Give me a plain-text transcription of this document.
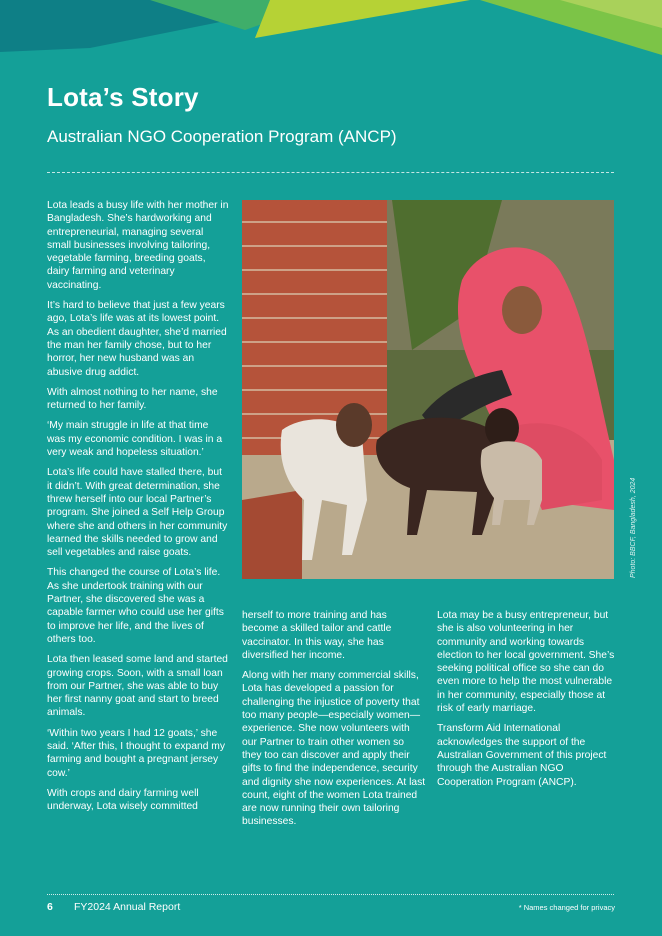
Lota’s Story
Australian NGO Cooperation Program (ANCP)

Lota leads a busy life with her mother in Bangladesh. She’s hardworking and entrepreneurial, managing several small businesses involving tailoring, vegetable farming, breeding goats, dairy farming and veterinary vaccinating.

It’s hard to believe that just a few years ago, Lota’s life was at its lowest point. As an obedient daughter, she’d married the man her family chose, but to her horror, her new husband was an abusive drug addict.

With almost nothing to her name, she returned to her family.

‘My main struggle in life at that time was my economic condition. I was in a very weak and hopeless situation.’

Lota’s life could have stalled there, but it didn’t. With great determination, she threw herself into our local Partner’s program. She joined a Self Help Group where she and others in her community learned the skills needed to grow and sell vegetables and raise goats.

This changed the course of Lota’s life. As she undertook training with our Partner, she discovered she was a capable farmer who could use her gifts to improve her life, and the lives of others too.

Lota then leased some land and started growing crops. Soon, with a small loan from our Partner, she was able to buy her first nanny goat and start to breed animals.

‘Within two years I had 12 goats,’ she said. ‘After this, I thought to expand my farming and bought a pregnant jersey cow.’

With crops and dairy farming well underway, Lota wisely committed

Photo: BBCF, Bangladesh, 2024

herself to more training and has become a skilled tailor and cattle vaccinator. In this way, she has diversified her income.

Along with her many commercial skills, Lota has developed a passion for challenging the injustice of poverty that too many people—especially women—experience. She now volunteers with our Partner to train other women so they too can discover and apply their gifts to find the independence, security and dignity she now experiences. At last count, eight of the women Lota trained are now running their own tailoring businesses.

Lota may be a busy entrepreneur, but she is also volunteering in her community and working towards election to her local government. She’s seeking political office so she can do even more to help the most vulnerable in her community, especially those at risk of early marriage.

Transform Aid International acknowledges the support of the Australian Government of this project through the Australian NGO Cooperation Program (ANCP).

6 FY2024 Annual Report	* Names changed for privacy
